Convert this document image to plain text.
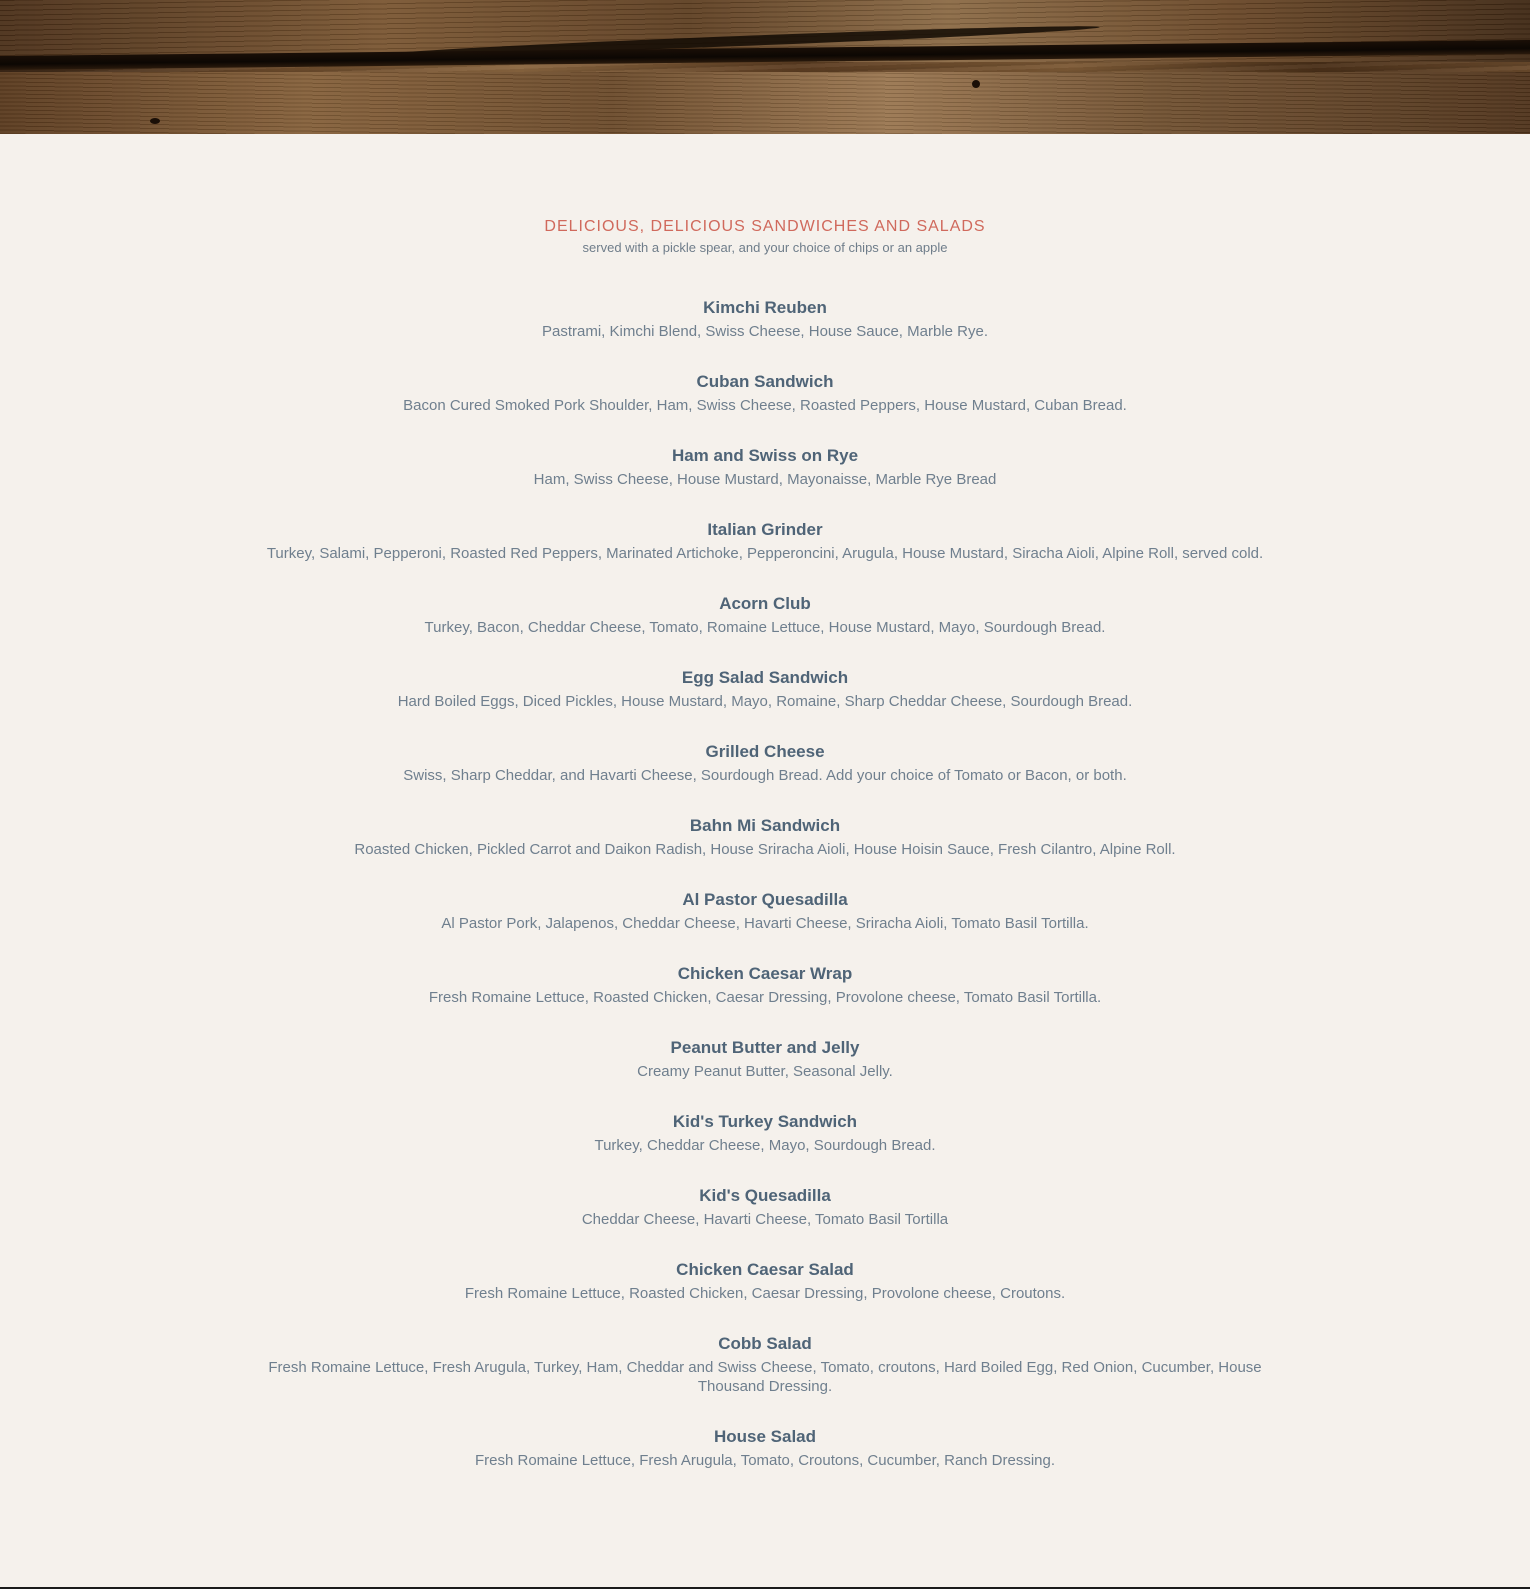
DELICIOUS, DELICIOUS SANDWICHES AND SALADS

served with a pickle spear, and your choice of chips or an apple

Kimchi Reuben

Pastrami, Kimchi Blend, Swiss Cheese, House Sauce, Marble Rye.

Cuban Sandwich

Bacon Cured Smoked Pork Shoulder, Ham, Swiss Cheese, Roasted Peppers, House Mustard, Cuban Bread.

Ham and Swiss on Rye

Ham, Swiss Cheese, House Mustard, Mayonaisse, Marble Rye Bread

Italian Grinder

Turkey, Salami, Pepperoni, Roasted Red Peppers, Marinated Artichoke, Pepperoncini, Arugula, House Mustard, Siracha Aioli, Alpine Roll, served cold.

Acorn Club

Turkey, Bacon, Cheddar Cheese, Tomato, Romaine Lettuce, House Mustard, Mayo, Sourdough Bread.

Egg Salad Sandwich

Hard Boiled Eggs, Diced Pickles, House Mustard, Mayo, Romaine, Sharp Cheddar Cheese, Sourdough Bread.

Grilled Cheese

Swiss, Sharp Cheddar, and Havarti Cheese, Sourdough Bread. Add your choice of Tomato or Bacon, or both.

Bahn Mi Sandwich

Roasted Chicken, Pickled Carrot and Daikon Radish, House Sriracha Aioli, House Hoisin Sauce, Fresh Cilantro, Alpine Roll.

Al Pastor Quesadilla

Al Pastor Pork, Jalapenos, Cheddar Cheese, Havarti Cheese, Sriracha Aioli, Tomato Basil Tortilla.

Chicken Caesar Wrap

Fresh Romaine Lettuce, Roasted Chicken, Caesar Dressing, Provolone cheese, Tomato Basil Tortilla.

Peanut Butter and Jelly

Creamy Peanut Butter, Seasonal Jelly.

Kid's Turkey Sandwich

Turkey, Cheddar Cheese, Mayo, Sourdough Bread.

Kid's Quesadilla

Cheddar Cheese, Havarti Cheese, Tomato Basil Tortilla

Chicken Caesar Salad

Fresh Romaine Lettuce, Roasted Chicken, Caesar Dressing, Provolone cheese, Croutons.

Cobb Salad

Fresh Romaine Lettuce, Fresh Arugula, Turkey, Ham, Cheddar and Swiss Cheese, Tomato, croutons, Hard Boiled Egg, Red Onion, Cucumber, House Thousand Dressing.

House Salad

Fresh Romaine Lettuce, Fresh Arugula, Tomato, Croutons, Cucumber, Ranch Dressing.
